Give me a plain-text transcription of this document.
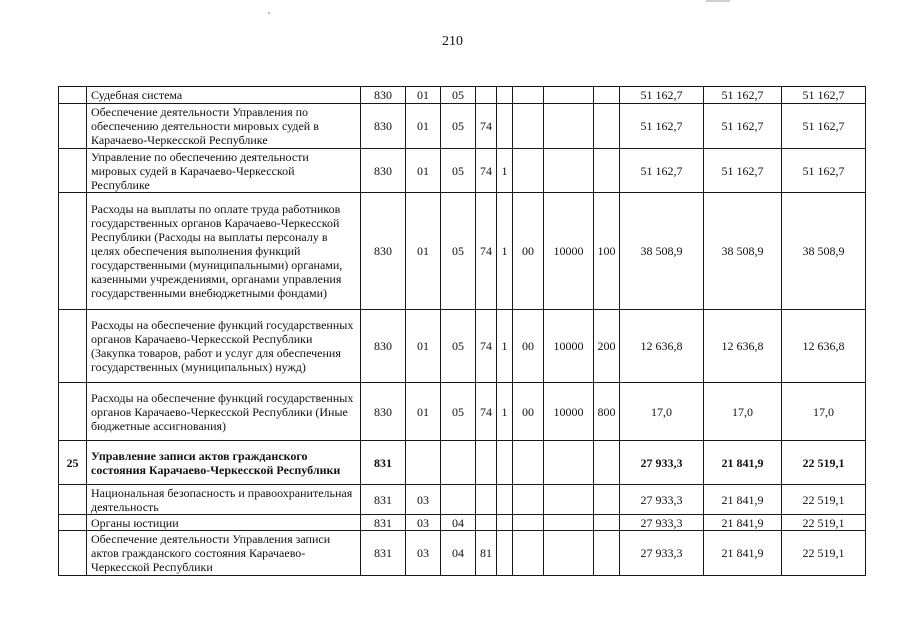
210
	Судебная система	830	01	05						51 162,7	51 162,7	51 162,7
	Обеспечение деятельности Управления по обеспечению деятельности мировых судей в Карачаево-Черкесской Республике	830	01	05	74					51 162,7	51 162,7	51 162,7
	Управление по обеспечению деятельности мировых судей в Карачаево-Черкесской Республике	830	01	05	74	1				51 162,7	51 162,7	51 162,7
	Расходы на выплаты по оплате труда работников государственных органов Карачаево-Черкесской Республики (Расходы на выплаты персоналу в целях обеспечения выполнения функций государственными (муниципальными) органами, казенными учреждениями, органами управления государственными внебюджетными фондами)	830	01	05	74	1	00	10000	100	38 508,9	38 508,9	38 508,9
	Расходы на обеспечение функций государственных органов Карачаево-Черкесской Республики (Закупка товаров, работ и услуг для обеспечения государственных (муниципальных) нужд)	830	01	05	74	1	00	10000	200	12 636,8	12 636,8	12 636,8
	Расходы на обеспечение функций государственных органов Карачаево-Черкесской Республики (Иные бюджетные ассигнования)	830	01	05	74	1	00	10000	800	17,0	17,0	17,0
25	Управление записи актов гражданского состояния Карачаево-Черкесской Республики	831								27 933,3	21 841,9	22 519,1
	Национальная безопасность и правоохранительная деятельность	831	03							27 933,3	21 841,9	22 519,1
	Органы юстиции	831	03	04						27 933,3	21 841,9	22 519,1
	Обеспечение деятельности Управления записи актов гражданского состояния Карачаево-Черкесской Республики	831	03	04	81					27 933,3	21 841,9	22 519,1
